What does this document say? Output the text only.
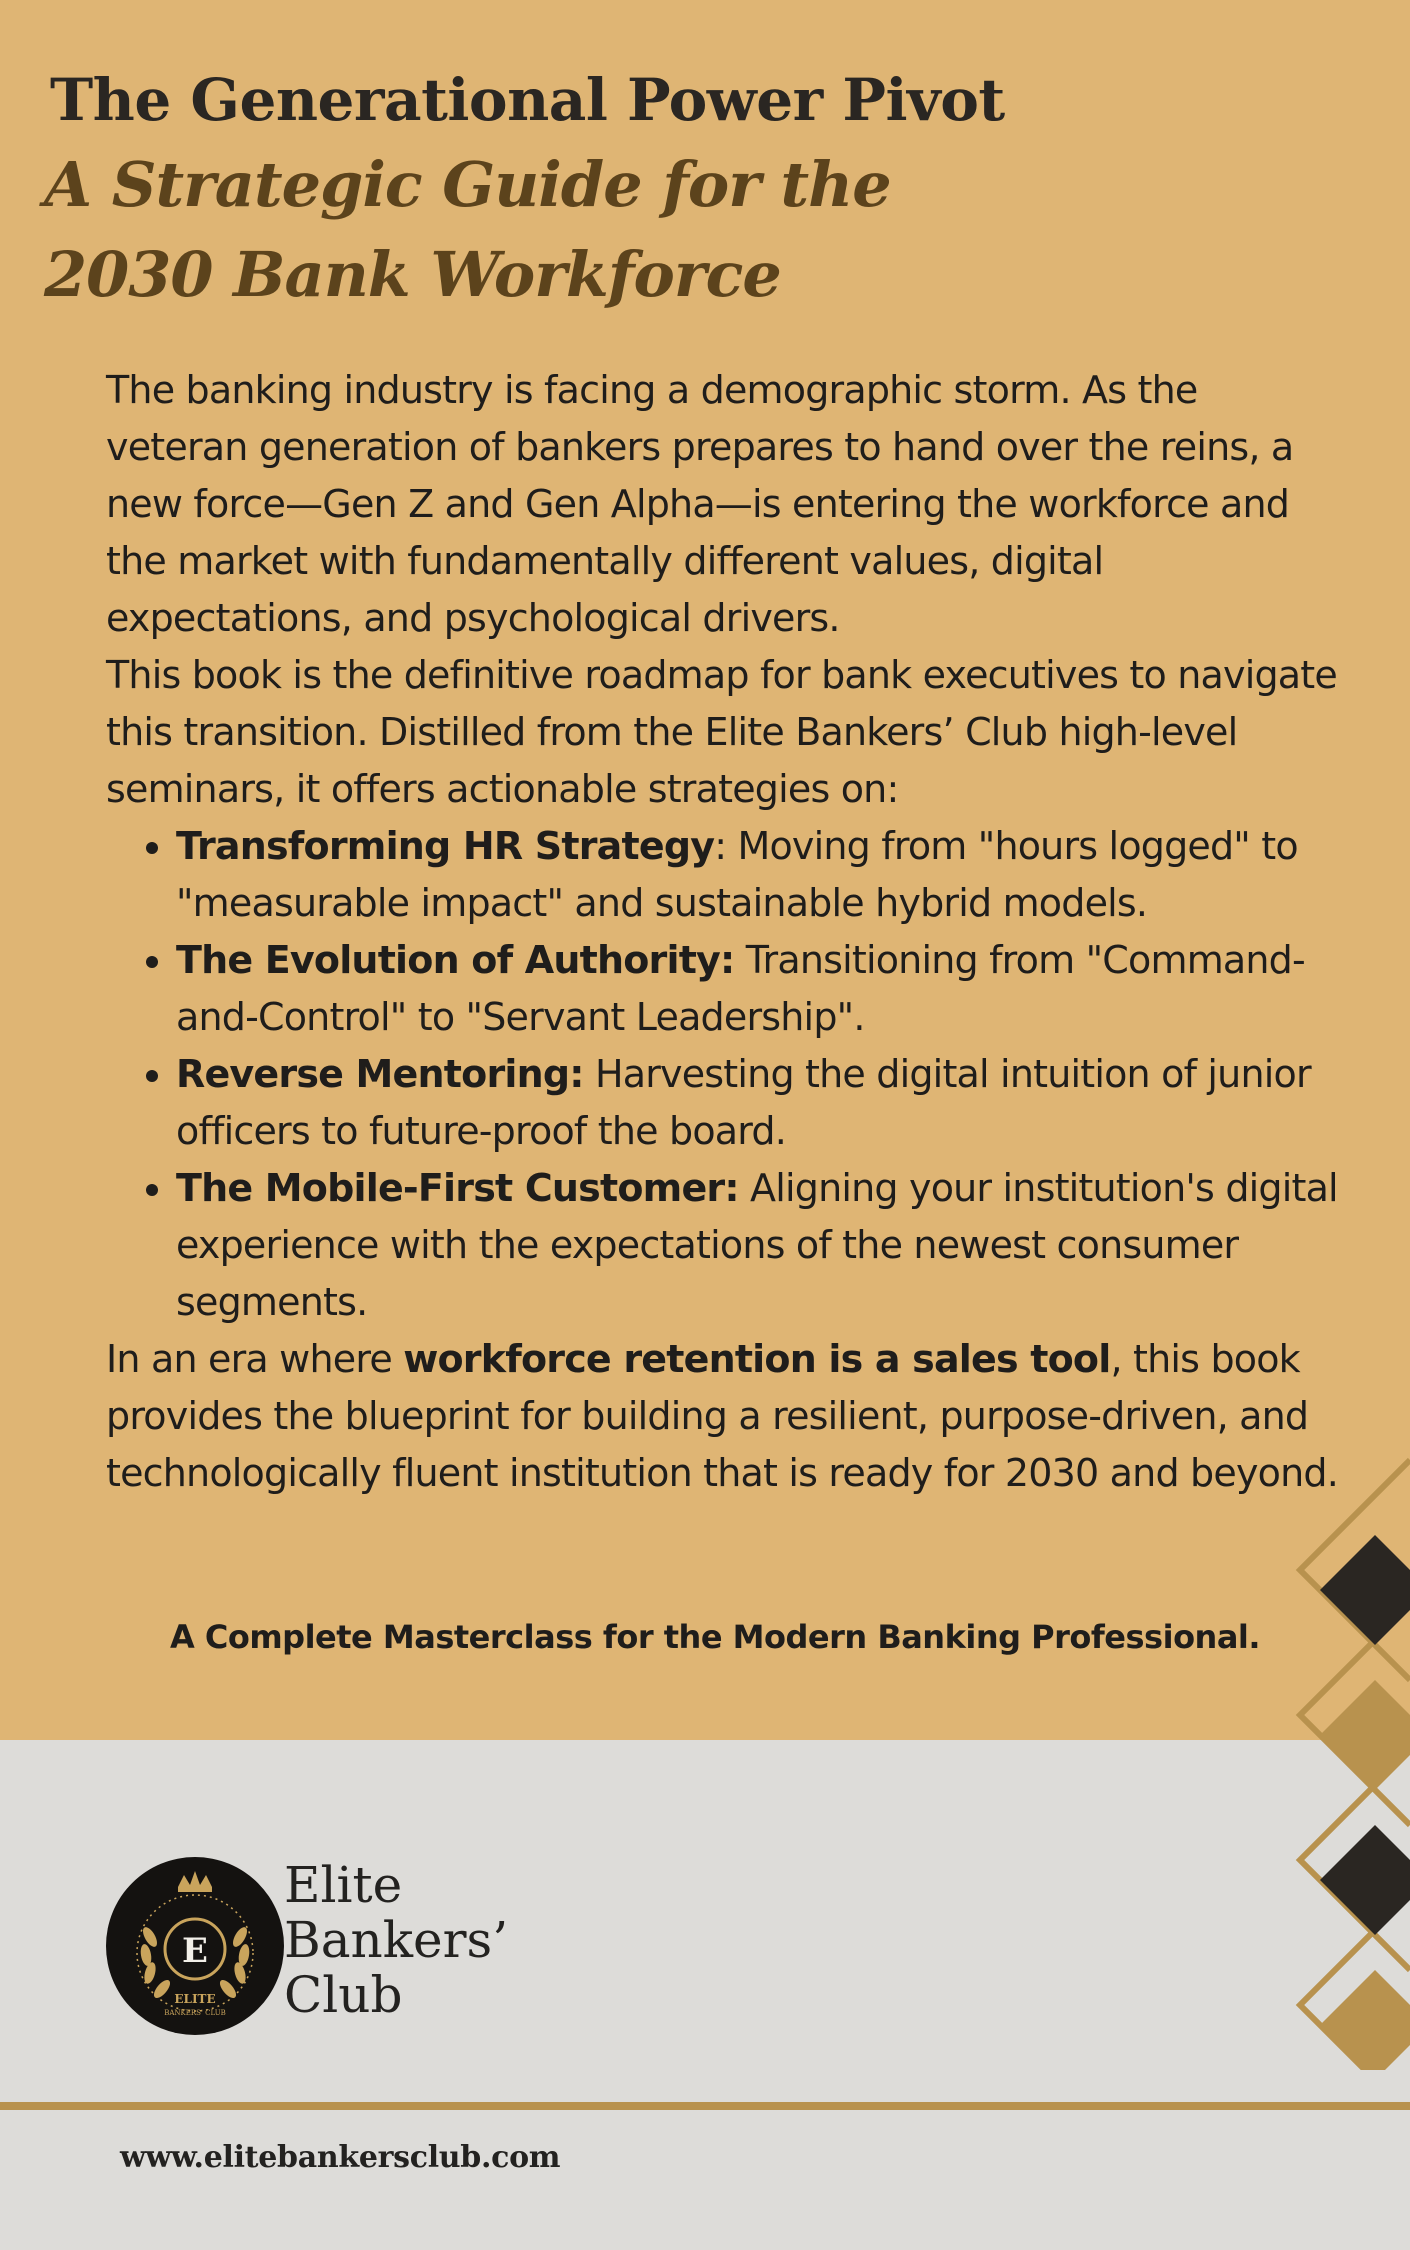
The Generational Power Pivot
A Strategic Guide for the
2030 Bank Workforce

The banking industry is facing a demographic storm. As the veteran generation of bankers prepares to hand over the reins, a new force—Gen Z and Gen Alpha—is entering the workforce and the market with fundamentally different values, digital expectations, and psychological drivers.

This book is the definitive roadmap for bank executives to navigate this transition. Distilled from the Elite Bankers’ Club high-level seminars, it offers actionable strategies on:

• Transforming HR Strategy: Moving from "hours logged" to "measurable impact" and sustainable hybrid models.
• The Evolution of Authority: Transitioning from "Command-and-Control" to "Servant Leadership".
• Reverse Mentoring: Harvesting the digital intuition of junior officers to future-proof the board.
• The Mobile-First Customer: Aligning your institution's digital experience with the expectations of the newest consumer segments.

In an era where workforce retention is a sales tool, this book provides the blueprint for building a resilient, purpose-driven, and technologically fluent institution that is ready for 2030 and beyond.

A Complete Masterclass for the Modern Banking Professional.
E
ELITE
BANKERS' CLUB
Elite
Bankers’
Club
www.elitebankersclub.com
